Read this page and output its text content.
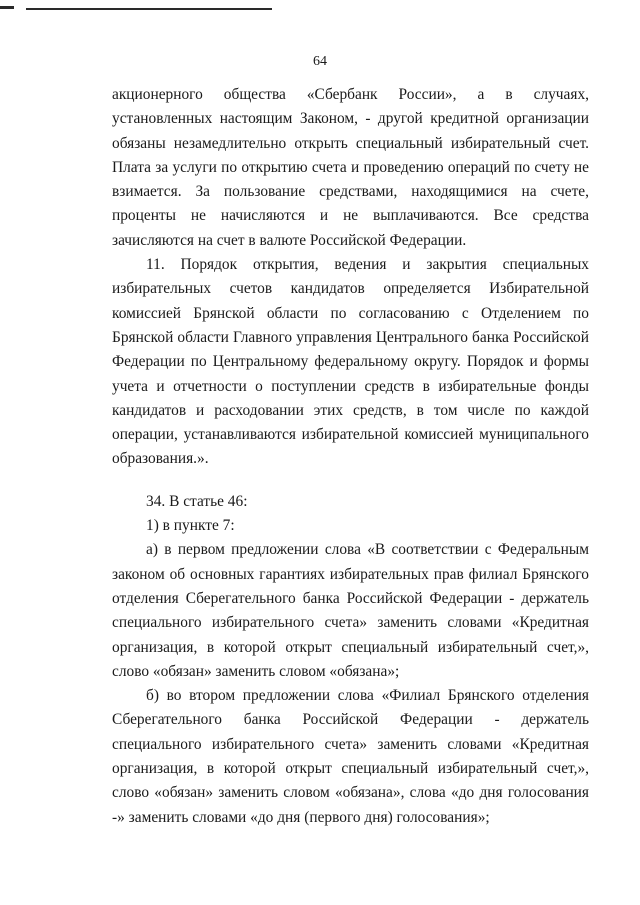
64

акционерного общества «Сбербанк России», а в случаях, установленных настоящим Законом, - другой кредитной организации обязаны незамедлительно открыть специальный избирательный счет. Плата за услуги по открытию счета и проведению операций по счету не взимается. За пользование средствами, находящимися на счете, проценты не начисляются и не выплачиваются. Все средства зачисляются на счет в валюте Российской Федерации.

11. Порядок открытия, ведения и закрытия специальных избирательных счетов кандидатов определяется Избирательной комиссией Брянской области по согласованию с Отделением по Брянской области Главного управления Центрального банка Российской Федерации по Центральному федеральному округу. Порядок и формы учета и отчетности о поступлении средств в избирательные фонды кандидатов и расходовании этих средств, в том числе по каждой операции, устанавливаются избирательной комиссией муниципального образования.».

34. В статье 46:

1) в пункте 7:

а) в первом предложении слова «В соответствии с Федеральным законом об основных гарантиях избирательных прав филиал Брянского отделения Сберегательного банка Российской Федерации - держатель специального избирательного счета» заменить словами «Кредитная организация, в которой открыт специальный избирательный счет,», слово «обязан» заменить словом «обязана»;

б) во втором предложении слова «Филиал Брянского отделения Сберегательного банка Российской Федерации - держатель специального избирательного счета» заменить словами «Кредитная организация, в которой открыт специальный избирательный счет,», слово «обязан» заменить словом «обязана», слова «до дня голосования -» заменить словами «до дня (первого дня) голосования»;
